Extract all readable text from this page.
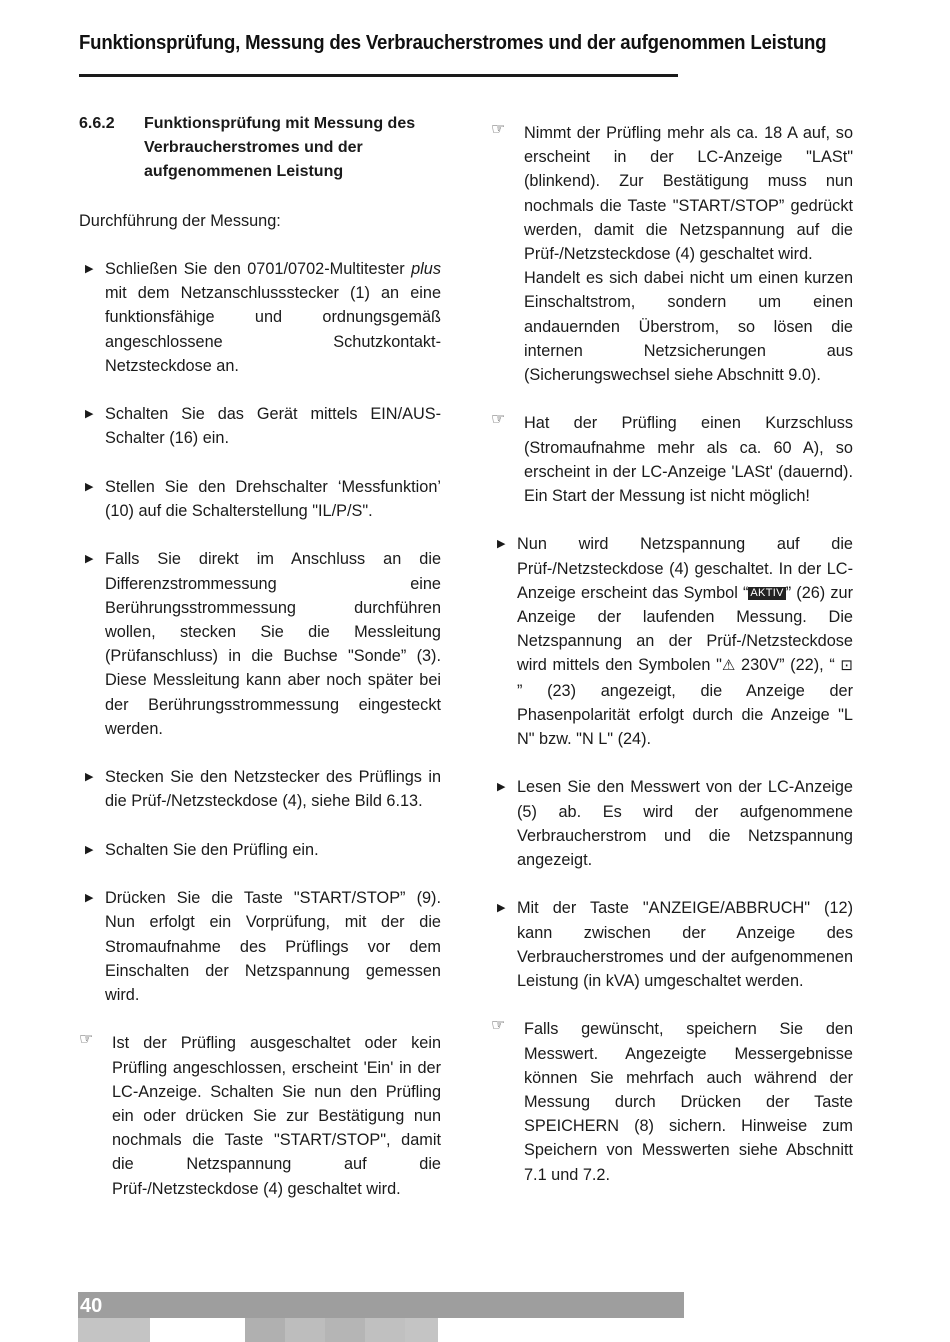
Funktionsprüfung, Messung des Verbraucherstromes und der aufgenommen Leistung
6.6.2	Funktionsprüfung mit Messung des Verbraucherstromes und der aufgenommenen Leistung
Durchführung der Messung:
▶ Schließen Sie den 0701/0702-Multitester plus mit dem Netzanschlussstecker (1) an eine funktionsfähige und ordnungsgemäß angeschlossene Schutzkontakt-Netzsteckdose an.
▶ Schalten Sie das Gerät mittels EIN/AUS-Schalter (16) ein.
▶ Stellen Sie den Drehschalter ‘Messfunktion’ (10) auf die Schalterstellung "IL/P/S".
▶ Falls Sie direkt im Anschluss an die Differenzstrommessung eine Berührungsstrommessung durchführen wollen, stecken Sie die Messleitung (Prüfanschluss) in die Buchse "Sonde” (3). Diese Messleitung kann aber noch später bei der Berührungsstrommessung eingesteckt werden.
▶ Stecken Sie den Netzstecker des Prüflings in die Prüf-/Netzsteckdose (4), siehe Bild 6.13.
▶ Schalten Sie den Prüfling ein.
▶ Drücken Sie die Taste "START/STOP” (9). Nun erfolgt ein Vorprüfung, mit der die Stromaufnahme des Prüflings vor dem Einschalten der Netzspannung gemessen wird.
☞	Ist der Prüfling ausgeschaltet oder kein Prüfling angeschlossen, erscheint 'Ein' in der LC-Anzeige. Schalten Sie nun den Prüfling ein oder drücken Sie zur Bestätigung nun nochmals die Taste "START/STOP", damit die Netzspannung auf die Prüf-/Netzsteckdose (4) geschaltet wird.
☞	Nimmt der Prüfling mehr als ca. 18 A auf, so erscheint in der LC-Anzeige "LASt" (blinkend). Zur Bestätigung muss nun nochmals die Taste "START/STOP” gedrückt werden, damit die Netzspannung auf die Prüf-/Netzsteckdose (4) geschaltet wird.
Handelt es sich dabei nicht um einen kurzen Einschaltstrom, sondern um einen andauernden Überstrom, so lösen die internen Netzsicherungen aus (Sicherungswechsel siehe Abschnitt 9.0).
☞	Hat der Prüfling einen Kurzschluss (Stromaufnahme mehr als ca. 60 A), so erscheint in der LC-Anzeige 'LASt' (dauernd). Ein Start der Messung ist nicht möglich!
▶ Nun wird Netzspannung auf die Prüf-/Netzsteckdose (4) geschaltet. In der LC-Anzeige erscheint das Symbol “ AKTIV ” (26) zur Anzeige der laufenden Messung. Die Netzspannung an der Prüf-/Netzsteckdose wird mittels den Symbolen "⚠ 230V” (22), “ ⊡ ” (23) angezeigt, die Anzeige der Phasenpolarität erfolgt durch die Anzeige "L N" bzw. "N L" (24).
▶ Lesen Sie den Messwert von der LC-Anzeige (5) ab. Es wird der aufgenommene Verbraucherstrom und die Netzspannung angezeigt.
▶ Mit der Taste "ANZEIGE/ABBRUCH" (12) kann zwischen der Anzeige des Verbraucherstromes und der aufgenommenen Leistung (in kVA) umgeschaltet werden.
☞	Falls gewünscht, speichern Sie den Messwert. Angezeigte Messergebnisse können Sie mehrfach auch während der Messung durch Drücken der Taste SPEICHERN (8) sichern. Hinweise zum Speichern von Messwerten siehe Abschnitt 7.1 und 7.2.
40
